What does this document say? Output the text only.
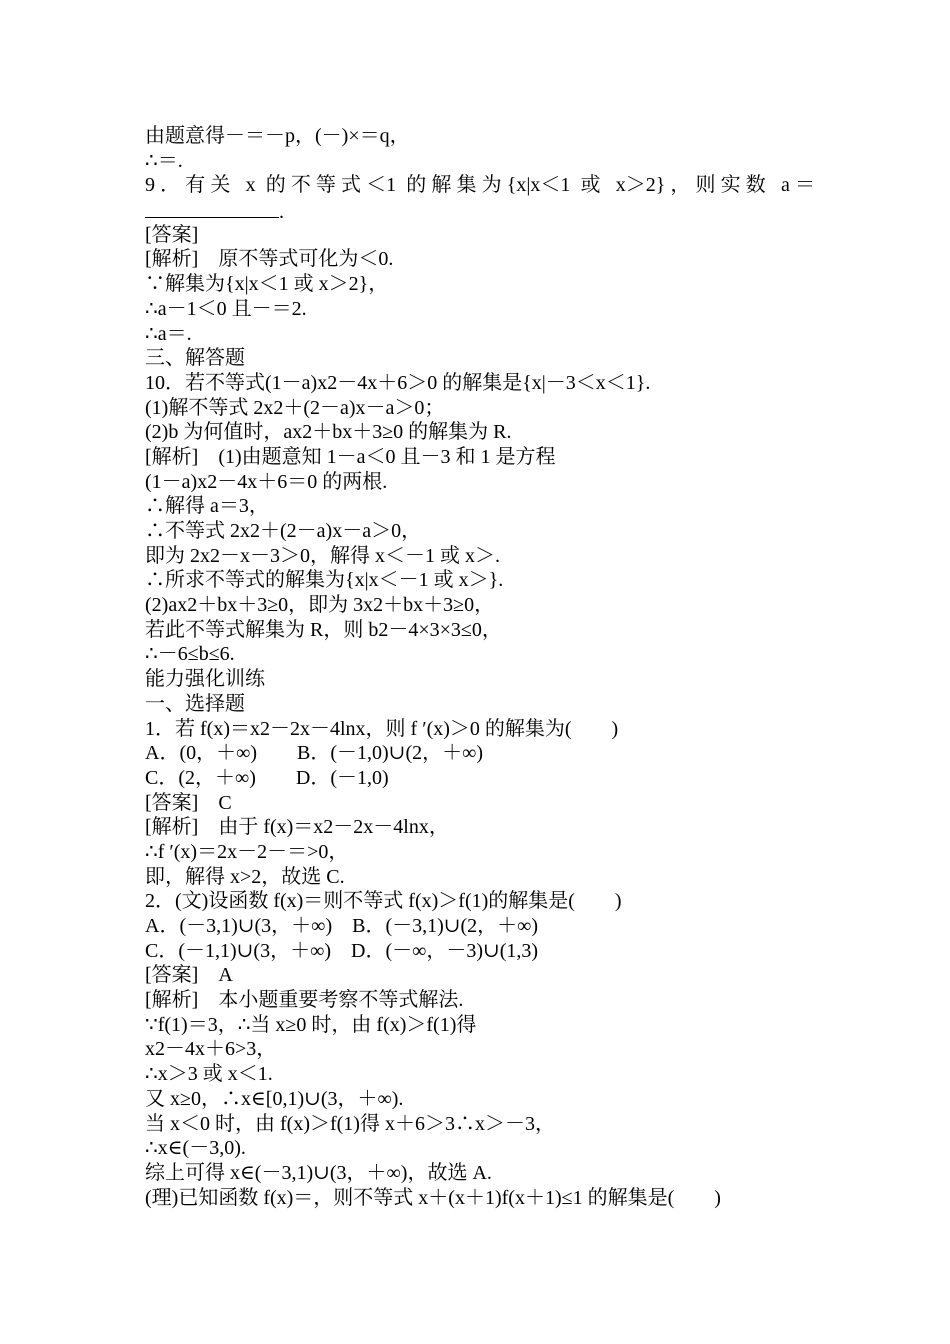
由题意得－＝－p，(－)×＝q，
∴＝.
9．有关 x 的不等式＜1 的解集为{x|x＜1 或 x＞2}，则实数 a＝
.
[答案]
[解析]　原不等式可化为＜0.
∵解集为{x|x＜1 或 x＞2}，
∴a－1＜0 且－＝2.
∴a＝.
三、解答题
10．若不等式(1－a)x2－4x＋6＞0 的解集是{x|－3＜x＜1}.
(1)解不等式 2x2＋(2－a)x－a＞0；
(2)b 为何值时，ax2＋bx＋3≥0 的解集为 R.
[解析]　(1)由题意知 1－a＜0 且－3 和 1 是方程
(1－a)x2－4x＋6＝0 的两根.
∴解得 a＝3，
∴不等式 2x2＋(2－a)x－a＞0，
即为 2x2－x－3＞0，解得 x＜－1 或 x＞.
∴所求不等式的解集为{x|x＜－1 或 x＞}.
(2)ax2＋bx＋3≥0，即为 3x2＋bx＋3≥0，
若此不等式解集为 R，则 b2－4×3×3≤0，
∴－6≤b≤6.
能力强化训练
一、选择题
1．若 f(x)＝x2－2x－4lnx，则 f ′(x)＞0 的解集为(　　)
A．(0，＋∞)　　B．(－1,0)∪(2，＋∞)
C．(2，＋∞)　　D．(－1,0)
[答案]　C
[解析]　由于 f(x)＝x2－2x－4lnx，
∴f ′(x)＝2x－2－＝>0，
即，解得 x>2，故选 C.
2．(文)设函数 f(x)＝则不等式 f(x)＞f(1)的解集是(　　)
A．(－3,1)∪(3，＋∞)　B．(－3,1)∪(2，＋∞)
C．(－1,1)∪(3，＋∞)　D．(－∞，－3)∪(1,3)
[答案]　A
[解析]　本小题重要考察不等式解法.
∵f(1)＝3，∴当 x≥0 时，由 f(x)＞f(1)得
x2－4x＋6>3，
∴x＞3 或 x＜1.
又 x≥0，∴x∈[0,1)∪(3，＋∞).
当 x＜0 时，由 f(x)＞f(1)得 x＋6＞3∴x＞－3，
∴x∈(－3,0).
综上可得 x∈(－3,1)∪(3，＋∞)，故选 A.
(理)已知函数 f(x)＝，则不等式 x＋(x＋1)f(x＋1)≤1 的解集是(　　)
